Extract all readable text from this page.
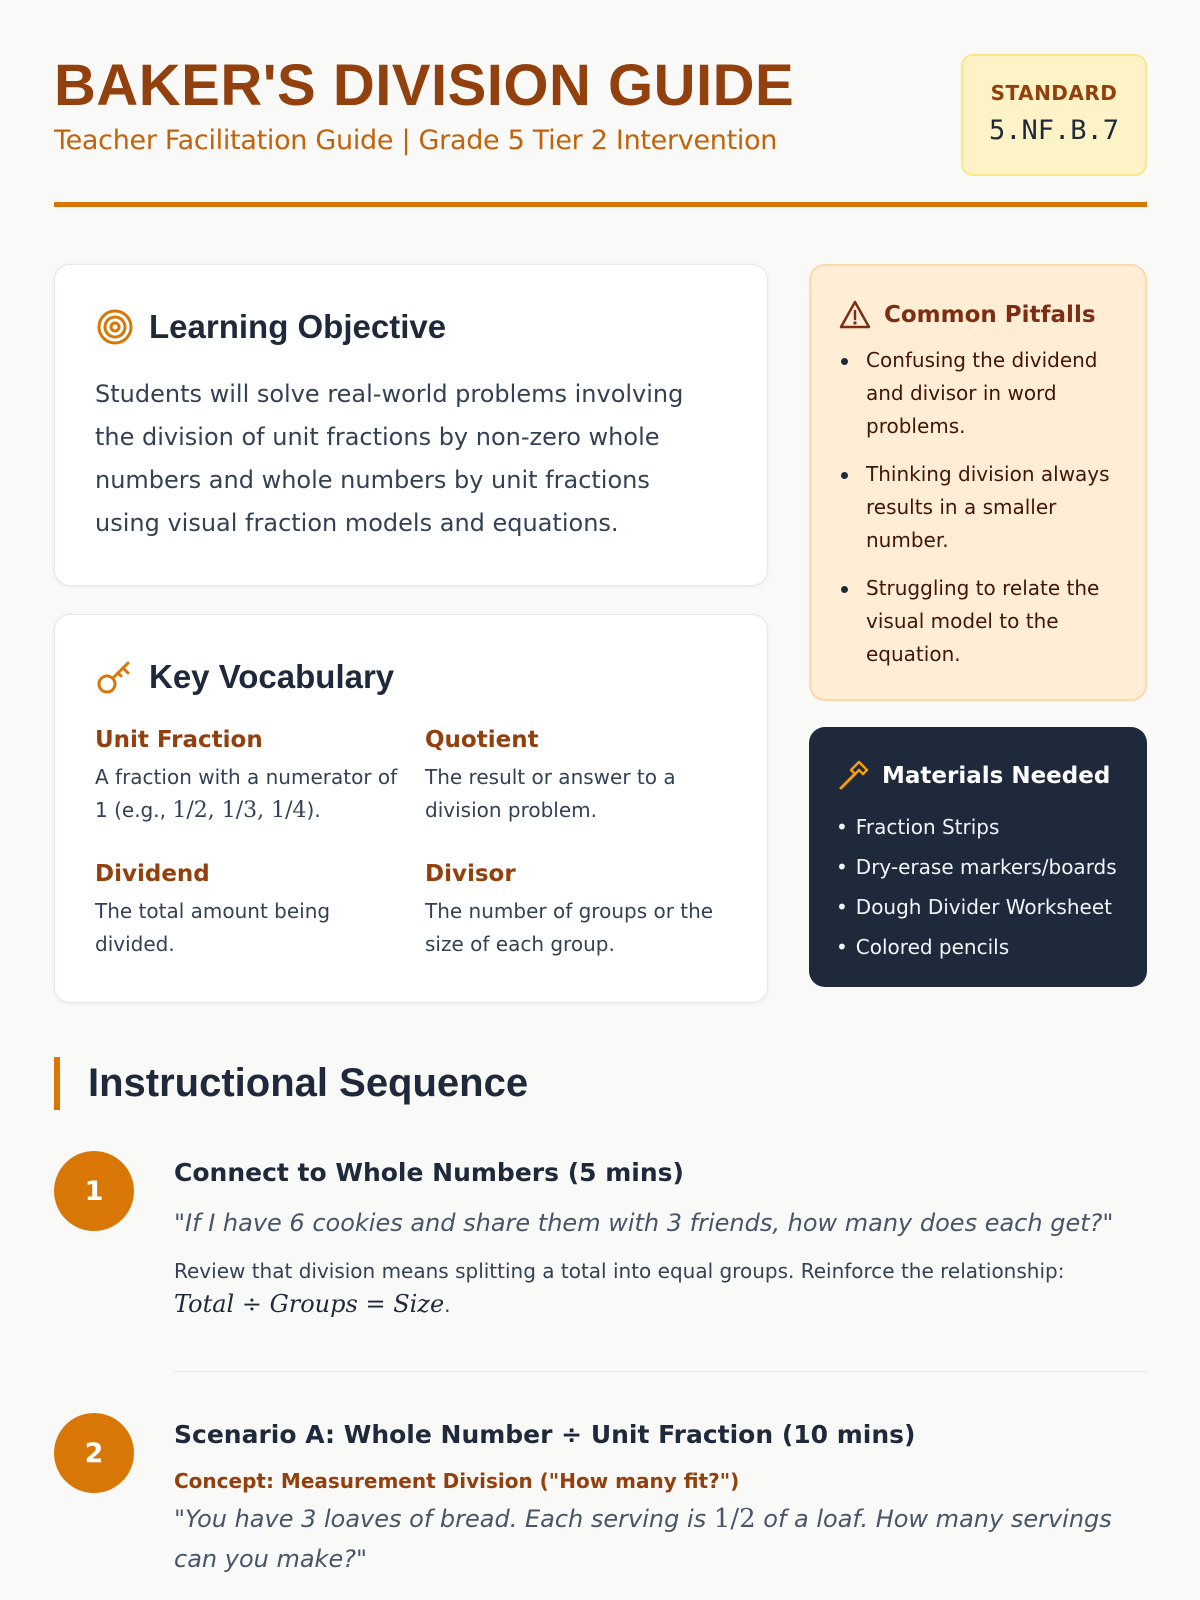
BAKER'S DIVISION GUIDE
Teacher Facilitation Guide | Grade 5 Tier 2 Intervention
STANDARD
5.NF.B.7
Learning Objective

Students will solve real-world problems involving the division of unit fractions by non-zero whole numbers and whole numbers by unit fractions using visual fraction models and equations.

Key Vocabulary
Unit Fraction
A fraction with a numerator of 1 (e.g., 1/2, 1/3, 1/4).
Quotient
The result or answer to a division problem.
Dividend
The total amount being divided.
Divisor
The number of groups or the size of each group.
Common Pitfalls
Confusing the dividend and divisor in word problems.
Thinking division always results in a smaller number.
Struggling to relate the visual model to the equation.
Materials Needed
• Fraction Strips
• Dry-erase markers/boards
• Dough Divider Worksheet
• Colored pencils
Instructional Sequence
1
Connect to Whole Numbers (5 mins)
"If I have 6 cookies and share them with 3 friends, how many does each get?"
Review that division means splitting a total into equal groups. Reinforce the relationship:
Total ÷ Groups = Size.
2
Scenario A: Whole Number ÷ Unit Fraction (10 mins)
Concept: Measurement Division ("How many fit?")
"You have 3 loaves of bread. Each serving is 1/2 of a loaf. How many servings can you make?"
